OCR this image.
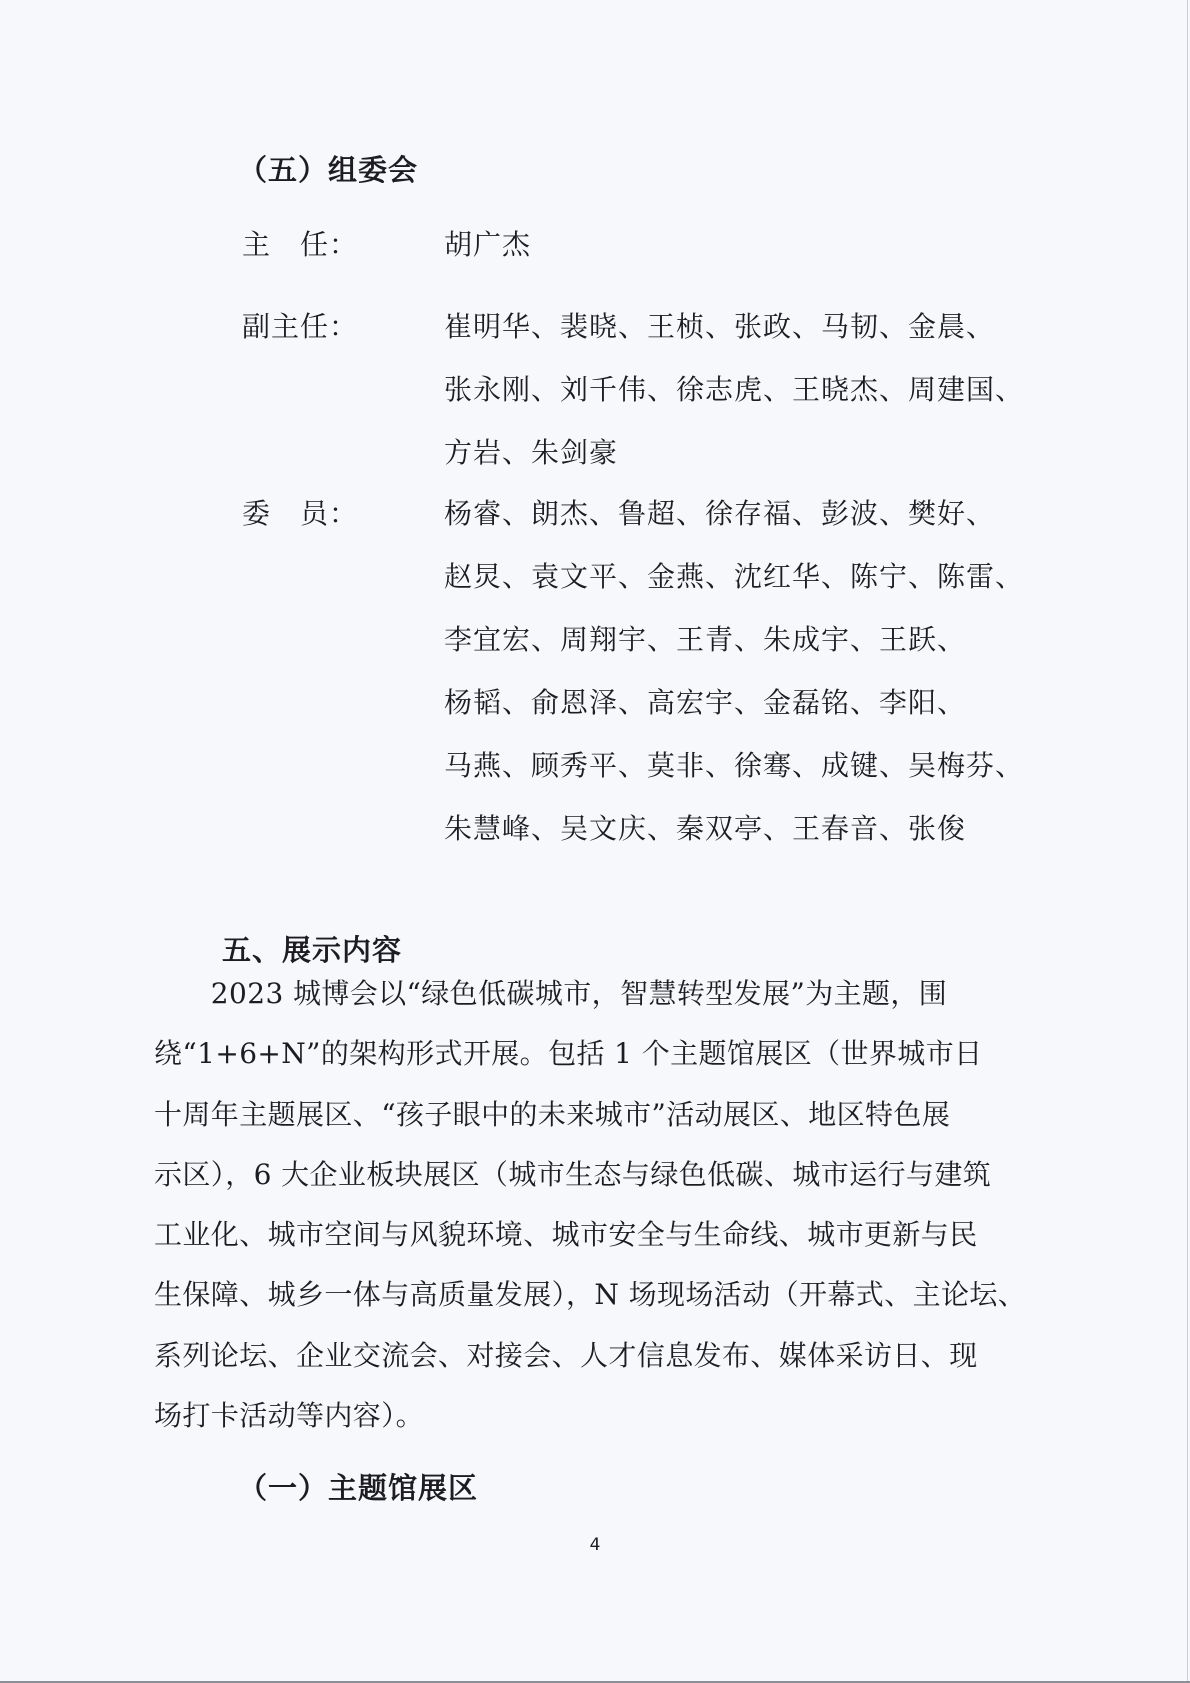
（五）组委会
主　任：	胡广杰
副主任：	崔明华、裴晓、王桢、张政、马韧、金晨、
张永刚、刘千伟、徐志虎、王晓杰、周建国、
方岩、朱剑豪
委　员：	杨睿、朗杰、鲁超、徐存福、彭波、樊好、
赵炅、袁文平、金燕、沈红华、陈宁、陈雷、
李宜宏、周翔宇、王青、朱成宇、王跃、
杨韬、俞恩泽、高宏宇、金磊铭、李阳、
马燕、顾秀平、莫非、徐骞、成键、吴梅芬、
朱慧峰、吴文庆、秦双亭、王春音、张俊
五、展示内容
　　2023 城博会以“绿色低碳城市，智慧转型发展”为主题，围
绕“1+6+N”的架构形式开展。包括 1 个主题馆展区（世界城市日
十周年主题展区、“孩子眼中的未来城市”活动展区、地区特色展
示区），6 大企业板块展区（城市生态与绿色低碳、城市运行与建筑
工业化、城市空间与风貌环境、城市安全与生命线、城市更新与民
生保障、城乡一体与高质量发展），N 场现场活动（开幕式、主论坛、
系列论坛、企业交流会、对接会、人才信息发布、媒体采访日、现
场打卡活动等内容）。
（一）主题馆展区
4
